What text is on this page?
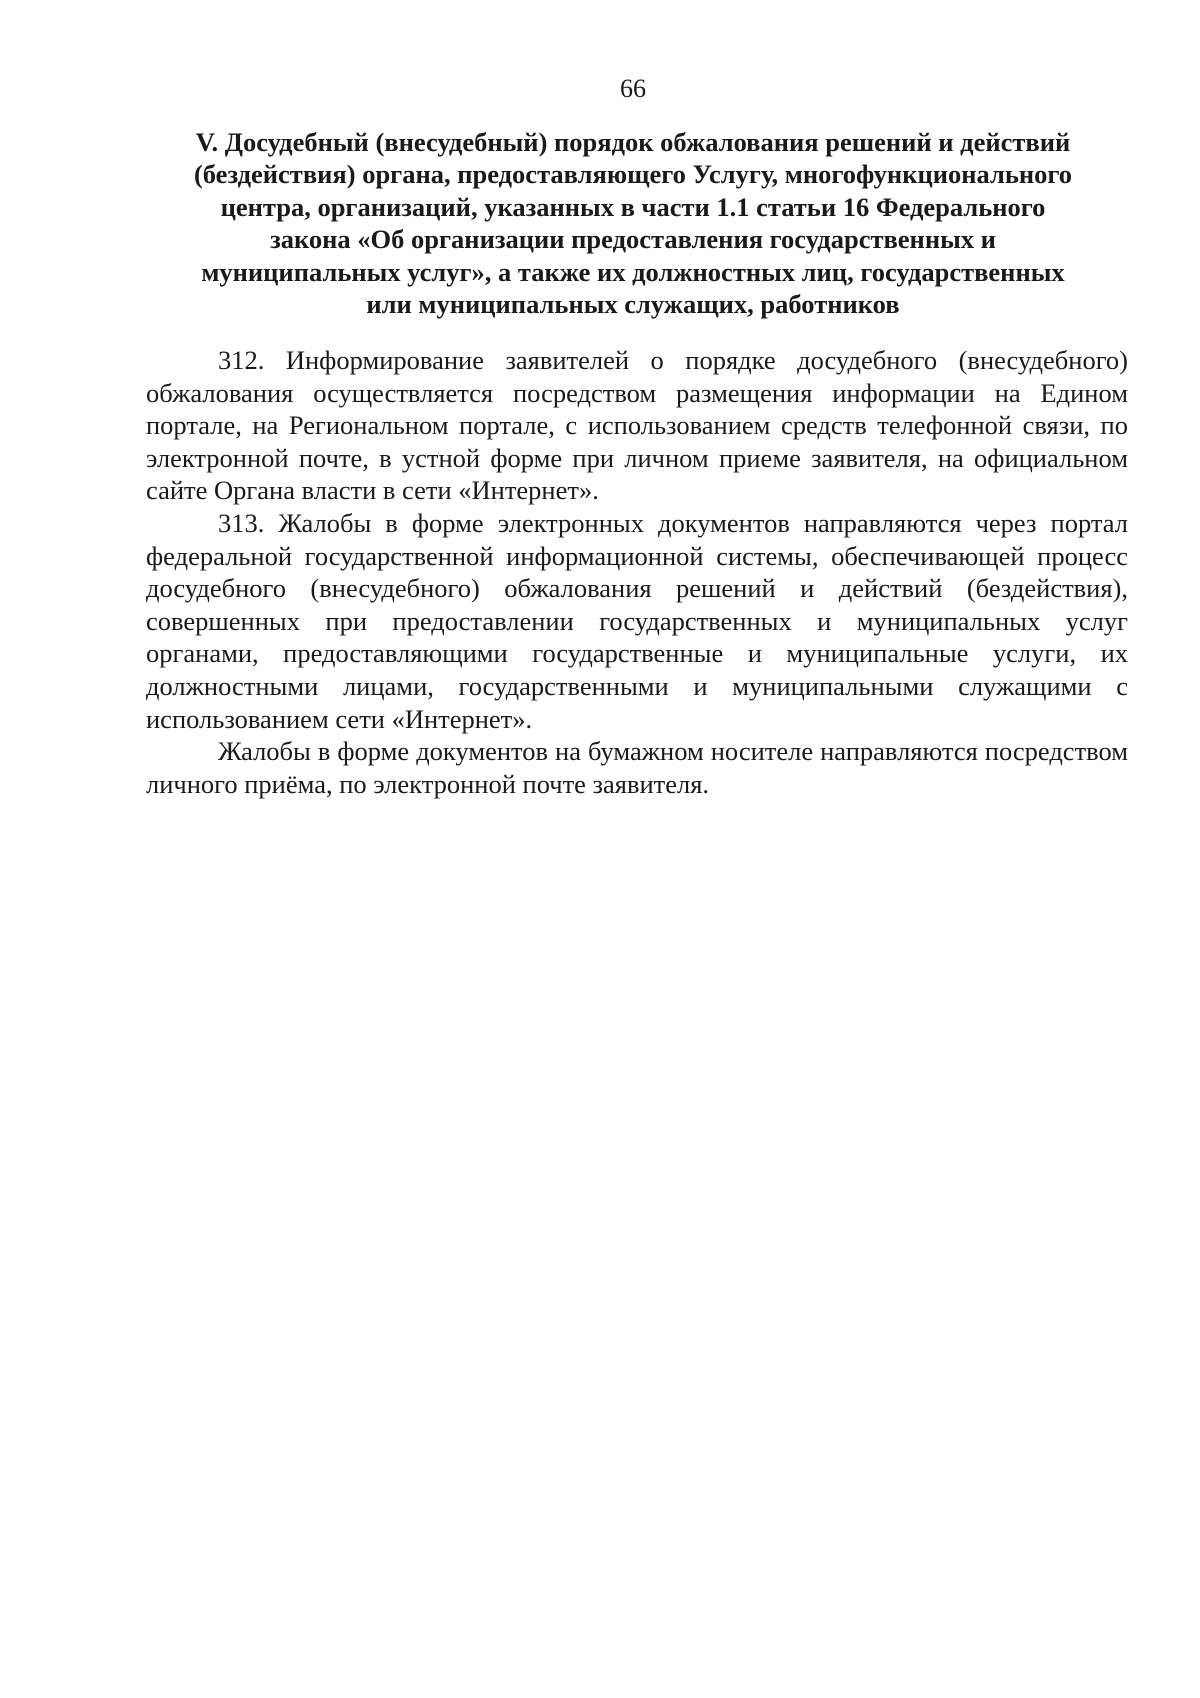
66
V. Досудебный (внесудебный) порядок обжалования решений и действий
(бездействия) органа, предоставляющего Услугу, многофункционального
центра, организаций, указанных в части 1.1 статьи 16 Федерального
закона «Об организации предоставления государственных и
муниципальных услуг», а также их должностных лиц, государственных
или муниципальных служащих, работников

312. Информирование заявителей о порядке досудебного (внесудебного) обжалования осуществляется посредством размещения информации на Едином портале, на Региональном портале, с использованием средств телефонной связи, по электронной почте, в устной форме при личном приеме заявителя, на официальном сайте Органа власти в сети «Интернет».

313. Жалобы в форме электронных документов направляются через портал федеральной государственной информационной системы, обеспечивающей процесс досудебного (внесудебного) обжалования решений и действий (бездействия), совершенных при предоставлении государственных и муниципальных услуг органами, предоставляющими государственные и муниципальные услуги, их должностными лицами, государственными и муниципальными служащими с использованием сети «Интернет».

Жалобы в форме документов на бумажном носителе направляются посредством личного приёма, по электронной почте заявителя.
